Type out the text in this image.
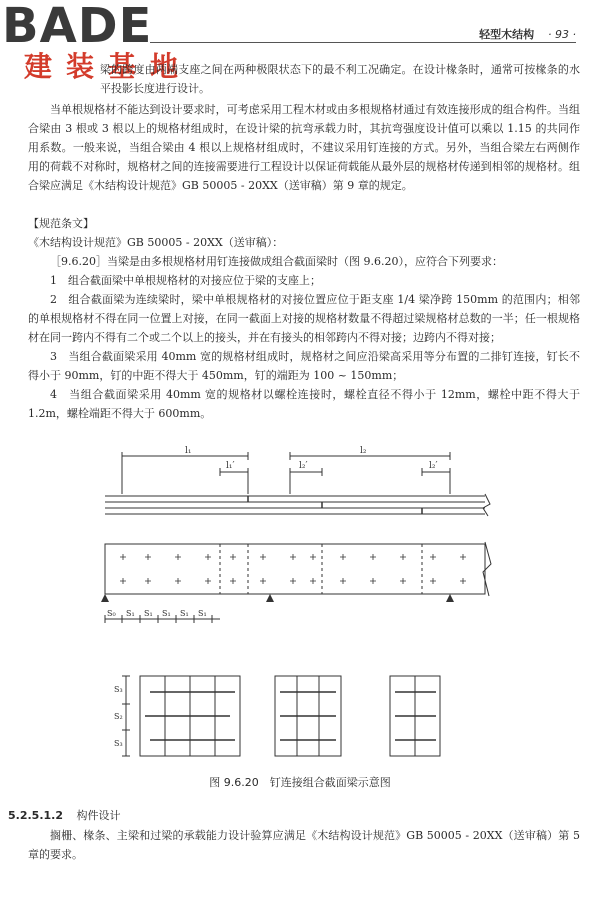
BADE
建装基地
轻型木结构 · 93 ·

梁的跨度由两端支座之间在两种极限状态下的最不利工况确定。在设计椽条时，通常可按椽条的水平投影长度进行设计。

当单根规格材不能达到设计要求时，可考虑采用工程木材或由多根规格材通过有效连接形成的组合构件。当组合梁由 3 根或 3 根以上的规格材组成时，在设计梁的抗弯承载力时，其抗弯强度设计值可以乘以 1.15 的共同作用系数。一般来说，当组合梁由 4 根以上规格材组成时，不建议采用钉连接的方式。另外，当组合梁左右两侧作用的荷载不对称时，规格材之间的连接需要进行工程设计以保证荷载能从最外层的规格材传递到相邻的规格材。组合梁应满足《木结构设计规范》GB 50005 - 20XX（送审稿）第 9 章的规定。

【规范条文】

《木结构设计规范》GB 50005 - 20XX（送审稿）：

［9.6.20］当梁是由多根规格材用钉连接做成组合截面梁时（图 9.6.20），应符合下列要求：

1　组合截面梁中单根规格材的对接应位于梁的支座上；

2　组合截面梁为连续梁时，梁中单根规格材的对接位置应位于距支座 1/4 梁净跨 150mm 的范围内；相邻的单根规格材不得在同一位置上对接，在同一截面上对接的规格材数量不得超过梁规格材总数的一半；任一根规格材在同一跨内不得有二个或二个以上的接头，并在有接头的相邻跨内不得对接；边跨内不得对接；

3　当组合截面梁采用 40mm 宽的规格材组成时，规格材之间应沿梁高采用等分布置的二排钉连接，钉长不得小于 90mm，钉的中距不得大于 450mm，钉的端距为 100 ~ 150mm；

4　当组合截面梁采用 40mm 宽的规格材以螺栓连接时，螺栓直径不得小于 12mm，螺栓中距不得大于 1.2m，螺栓端距不得大于 600mm。

l₁
l₁′
l₂
l₂′	l₂′
S₀ S₁ S₁ S₁ S₁ S₁
S₃
S₂
S₃
图 9.6.20　钉连接组合截面梁示意图

5.2.5.1.2 构件设计

搁栅、椽条、主梁和过梁的承载能力设计验算应满足《木结构设计规范》GB 50005 - 20XX（送审稿）第 5 章的要求。
